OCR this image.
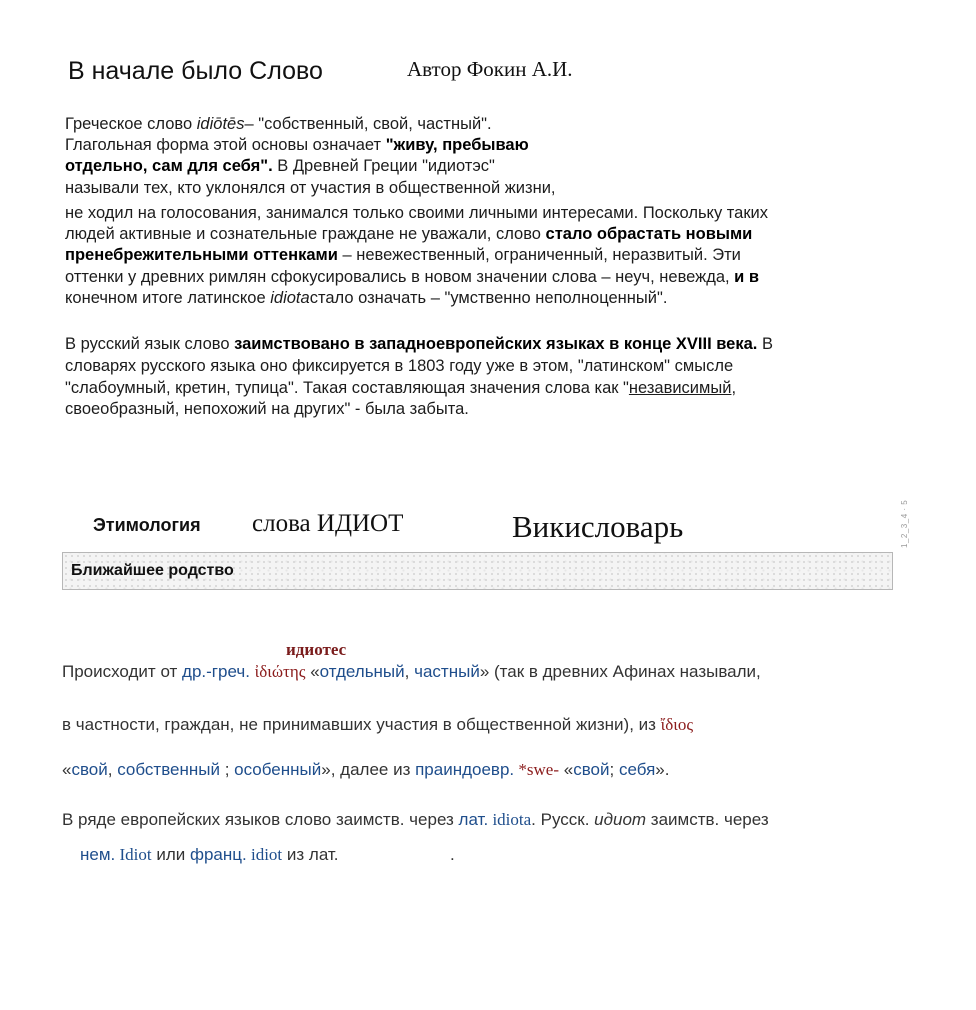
В начале было Слово	Автор Фокин А.И.
Греческое слово idiōtēs– "собственный, свой, частный".
Глагольная форма этой основы означает "живу, пребываю
отдельно, сам для себя". В Древней Греции "идиотэс"
называли тех, кто уклонялся от участия в общественной жизни,
не ходил на голосования, занимался только своими личными интересами. Поскольку таких
людей активные и сознательные граждане не уважали, слово стало обрастать новыми
пренебрежительными оттенками – невежественный, ограниченный, неразвитый. Эти
оттенки у древних римлян сфокусировались в новом значении слова – неуч, невежда, и в
конечном итоге латинское idiotaстало означать – "умственно неполноценный".
В русский язык слово заимствовано в западноевропейских языках в конце XVIII века. В
словарях русского языка оно фиксируется в 1803 году уже в этом, "латинском" смысле
"слабоумный, кретин, тупица". Такая составляющая значения слова как "независимый,
своеобразный, непохожий на других" - была забыта.
Этимология слова ИДИОТ	Викисловарь	1_2_3_4 · 5
Ближайшее родство
идиотес
Происходит от др.-греч. ἰδιώτης «отдельный, частный» (так в древних Афинах называли,
в частности, граждан, не принимавших участия в общественной жизни), из ἴδιος
«свой, собственный ; особенный», далее из праиндоевр. *swe- «свой; себя».
В ряде европейских языков слово заимств. через лат. idiota. Русск. идиот заимств. через
нем. Idiot или франц. idiot из лат.	.
